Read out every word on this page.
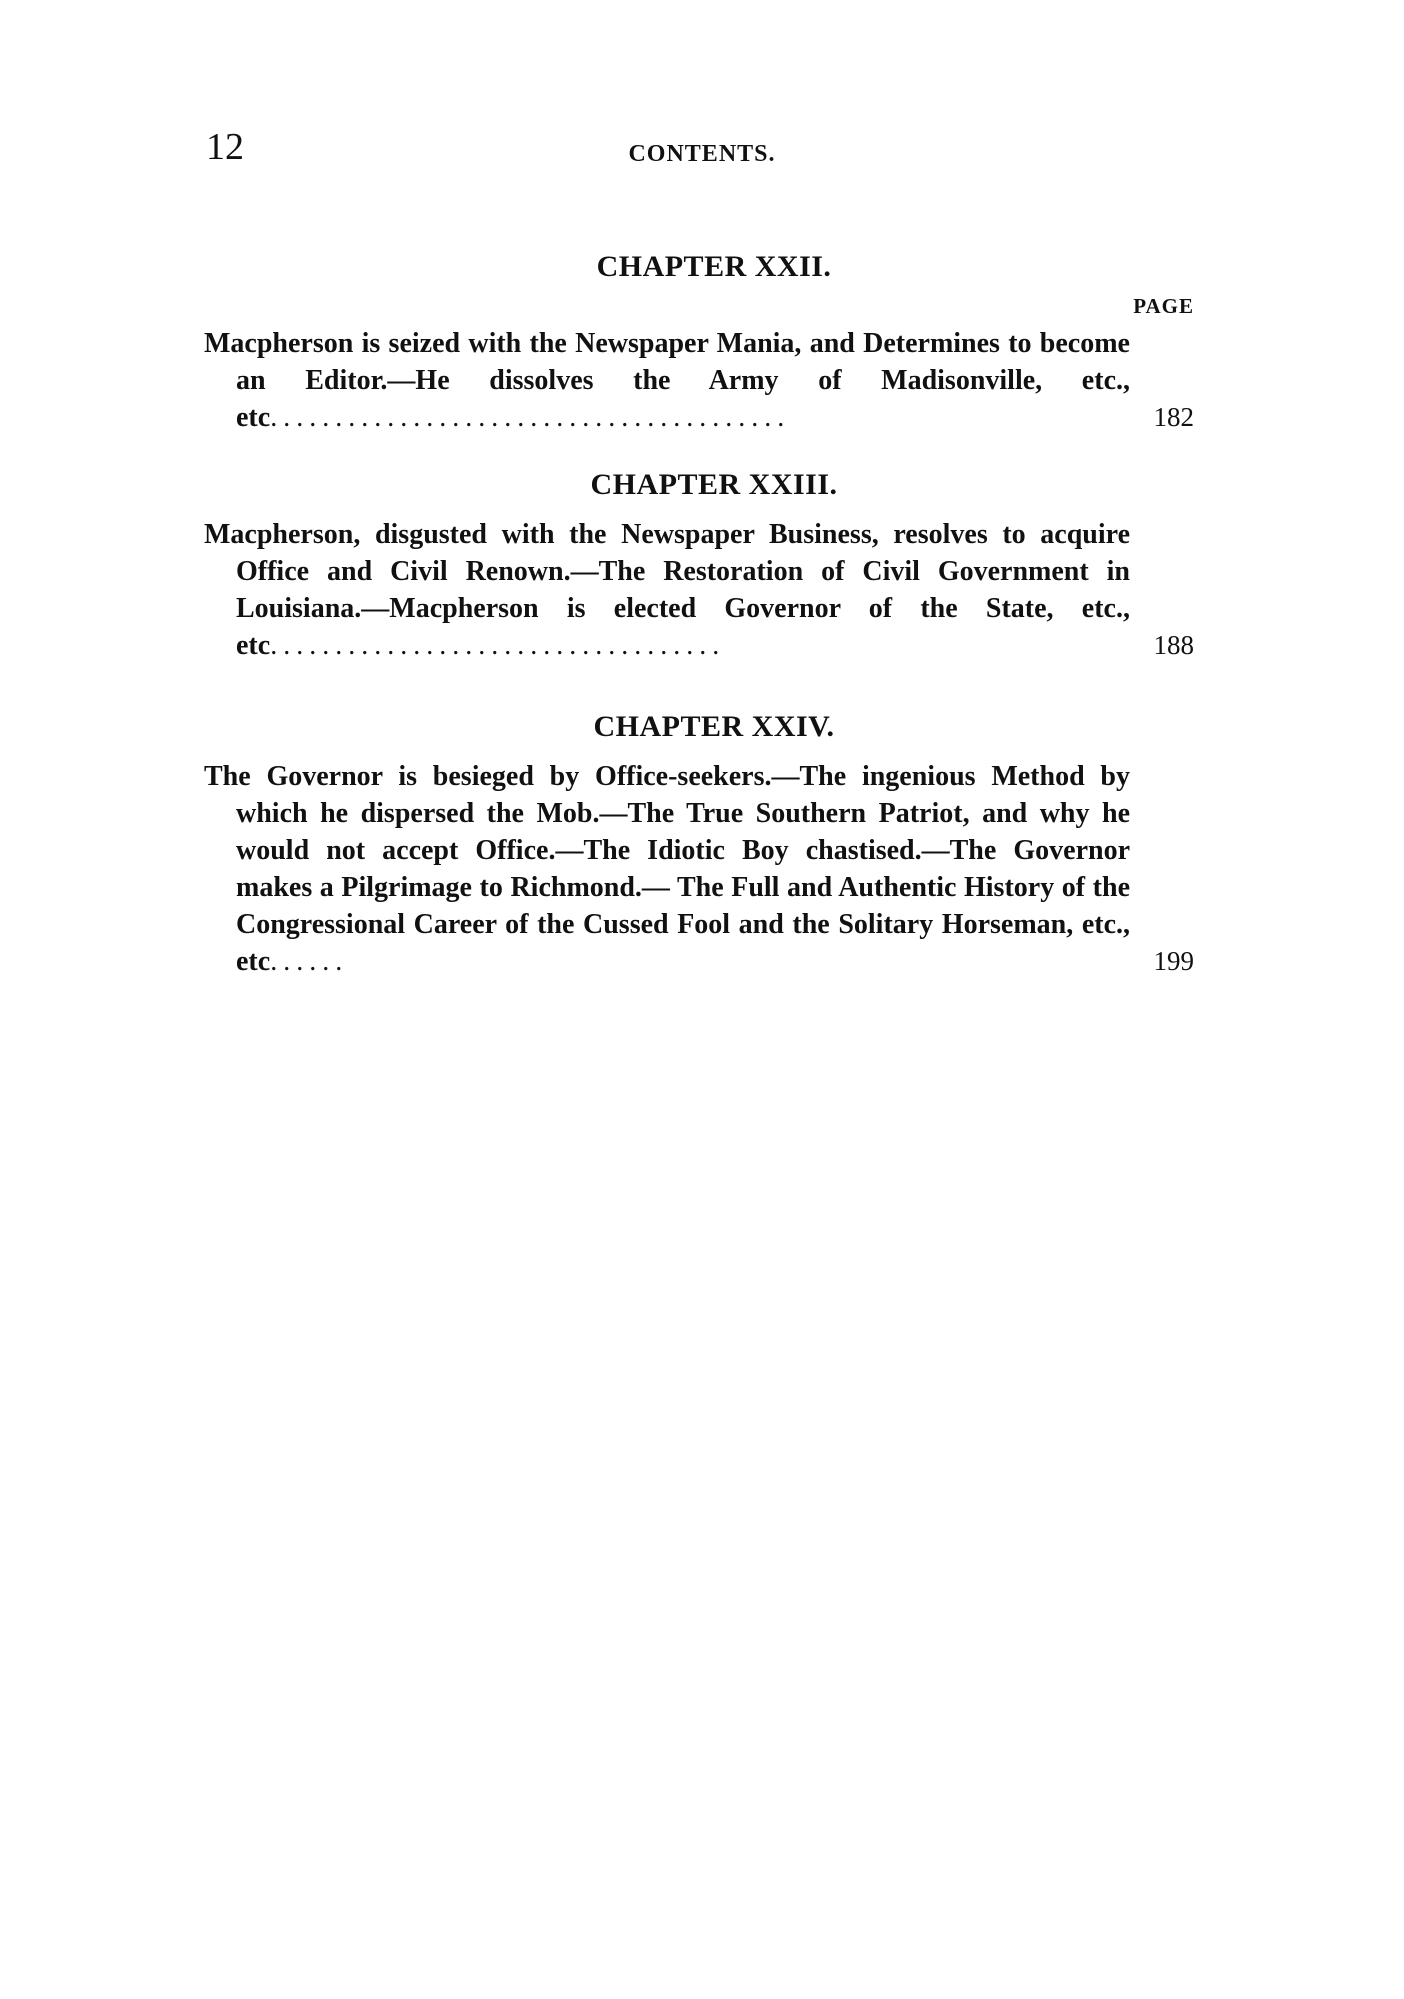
12	CONTENTS.
CHAPTER XXII.
PAGE
Macpherson is seized with the Newspaper Mania, and Determines to become an Editor.—He dissolves the Army of Madisonville, etc., etc........................................	182
CHAPTER XXIII.
Macpherson, disgusted with the Newspaper Business, resolves to acquire Office and Civil Renown.—The Restoration of Civil Government in Louisiana.—Macpherson is elected Governor of the State, etc., etc...................................	188
CHAPTER XXIV.
The Governor is besieged by Office-seekers.—The ingenious Method by which he dispersed the Mob.—The True Southern Patriot, and why he would not accept Office.—The Idiotic Boy chastised.—The Governor makes a Pilgrimage to Richmond.— The Full and Authentic History of the Congressional Career of the Cussed Fool and the Solitary Horseman, etc., etc......	199
